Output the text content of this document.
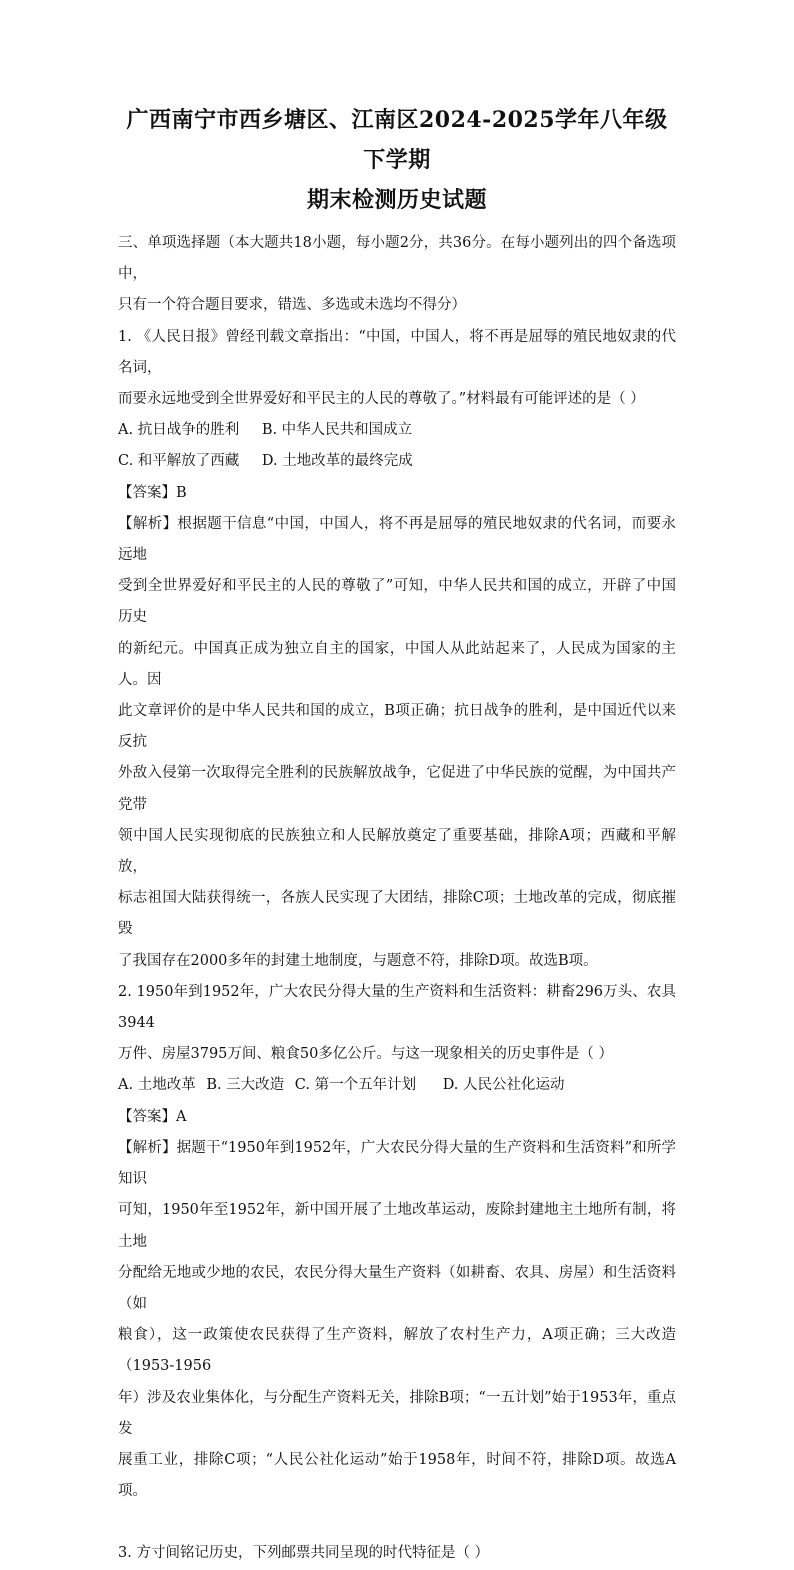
广西南宁市西乡塘区、江南区2024-2025学年八年级下学期
期末检测历史试题

三、单项选择题（本大题共18小题，每小题2分，共36分。在每小题列出的四个备选项中，

只有一个符合题目要求，错选、多选或未选均不得分）

1. 《人民日报》曾经刊载文章指出：“中国，中国人，将不再是屈辱的殖民地奴隶的代名词，

而要永远地受到全世界爱好和平民主的人民的尊敬了。”材料最有可能评述的是（ ）

A. 抗日战争的胜利 B. 中华人民共和国成立

C. 和平解放了西藏 D. 土地改革的最终完成

【答案】B

【解析】根据题干信息“中国，中国人，将不再是屈辱的殖民地奴隶的代名词，而要永远地

受到全世界爱好和平民主的人民的尊敬了”可知，中华人民共和国的成立，开辟了中国历史

的新纪元。中国真正成为独立自主的国家，中国人从此站起来了，人民成为国家的主人。因

此文章评价的是中华人民共和国的成立，B项正确；抗日战争的胜利，是中国近代以来反抗

外敌入侵第一次取得完全胜利的民族解放战争，它促进了中华民族的觉醒，为中国共产党带

领中国人民实现彻底的民族独立和人民解放奠定了重要基础，排除A项；西藏和平解放，

标志祖国大陆获得统一，各族人民实现了大团结，排除C项；土地改革的完成，彻底摧毁

了我国存在2000多年的封建土地制度，与题意不符，排除D项。故选B项。

2. 1950年到1952年，广大农民分得大量的生产资料和生活资料：耕畜296万头、农具3944

万件、房屋3795万间、粮食50多亿公斤。与这一现象相关的历史事件是（ ）

A. 土地改革 B. 三大改造 C. 第一个五年计划 D. 人民公社化运动

【答案】A

【解析】据题干“1950年到1952年，广大农民分得大量的生产资料和生活资料”和所学知识

可知，1950年至1952年，新中国开展了土地改革运动，废除封建地主土地所有制，将土地

分配给无地或少地的农民，农民分得大量生产资料（如耕畜、农具、房屋）和生活资料（如

粮食），这一政策使农民获得了生产资料，解放了农村生产力，A项正确；三大改造（1953-1956

年）涉及农业集体化，与分配生产资料无关，排除B项；“一五计划”始于1953年，重点发

展重工业，排除C项；“人民公社化运动”始于1958年，时间不符，排除D项。故选A项。

3. 方寸间铭记历史，下列邮票共同呈现的时代特征是（ ）
